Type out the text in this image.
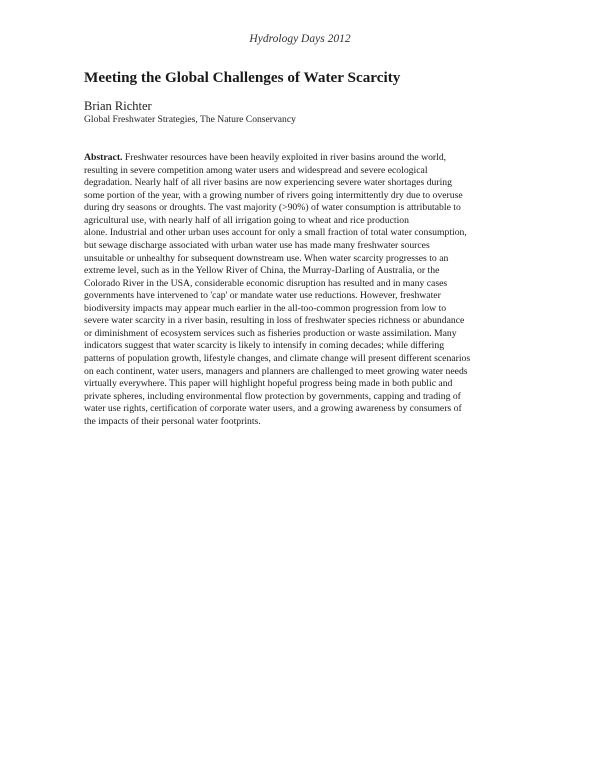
Hydrology Days 2012
Meeting the Global Challenges of Water Scarcity
Brian Richter
Global Freshwater Strategies, The Nature Conservancy

Abstract. Freshwater resources have been heavily exploited in river basins around the world,
resulting in severe competition among water users and widespread and severe ecological
degradation. Nearly half of all river basins are now experiencing severe water shortages during
some portion of the year, with a growing number of rivers going intermittently dry due to overuse
during dry seasons or droughts. The vast majority (>90%) of water consumption is attributable to
agricultural use, with nearly half of all irrigation going to wheat and rice production
alone. Industrial and other urban uses account for only a small fraction of total water consumption,
but sewage discharge associated with urban water use has made many freshwater sources
unsuitable or unhealthy for subsequent downstream use. When water scarcity progresses to an
extreme level, such as in the Yellow River of China, the Murray-Darling of Australia, or the
Colorado River in the USA, considerable economic disruption has resulted and in many cases
governments have intervened to 'cap' or mandate water use reductions. However, freshwater
biodiversity impacts may appear much earlier in the all-too-common progression from low to
severe water scarcity in a river basin, resulting in loss of freshwater species richness or abundance
or diminishment of ecosystem services such as fisheries production or waste assimilation. Many
indicators suggest that water scarcity is likely to intensify in coming decades; while differing
patterns of population growth, lifestyle changes, and climate change will present different scenarios
on each continent, water users, managers and planners are challenged to meet growing water needs
virtually everywhere. This paper will highlight hopeful progress being made in both public and
private spheres, including environmental flow protection by governments, capping and trading of
water use rights, certification of corporate water users, and a growing awareness by consumers of
the impacts of their personal water footprints.
